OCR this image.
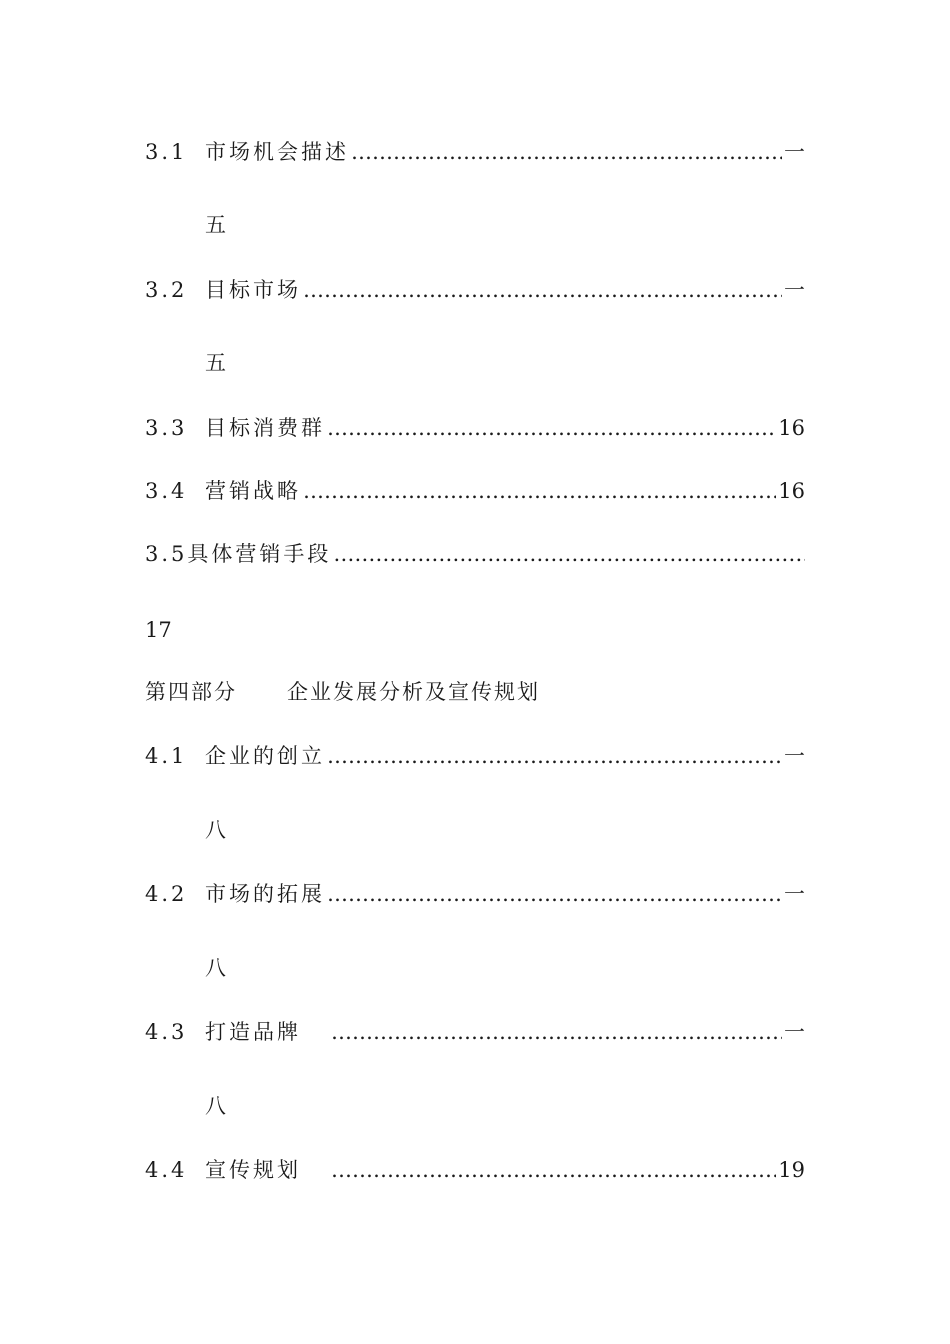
3.1 市场机会描述 …………………………………………………………………………………………………………………………………	一
五
3.2 目标市场 …………………………………………………………………………………………………………………………………	一
五
3.3 目标消费群 …………………………………………………………………………………………………………………………………	16
3.4 营销战略 …………………………………………………………………………………………………………………………………	16
3.5 具体营销手段
…………………………………………………………………………………………………………………………………
17
第四部分 企业发展分析及宣传规划
4.1 企业的创立 …………………………………………………………………………………………………………………………………	一
八
4.2 市场的拓展 …………………………………………………………………………………………………………………………………	一
八
4.3 打造品牌 …………………………………………………………………………………………………………………………………	一
八
4.4 宣传规划 …………………………………………………………………………………………………………………………………	19
